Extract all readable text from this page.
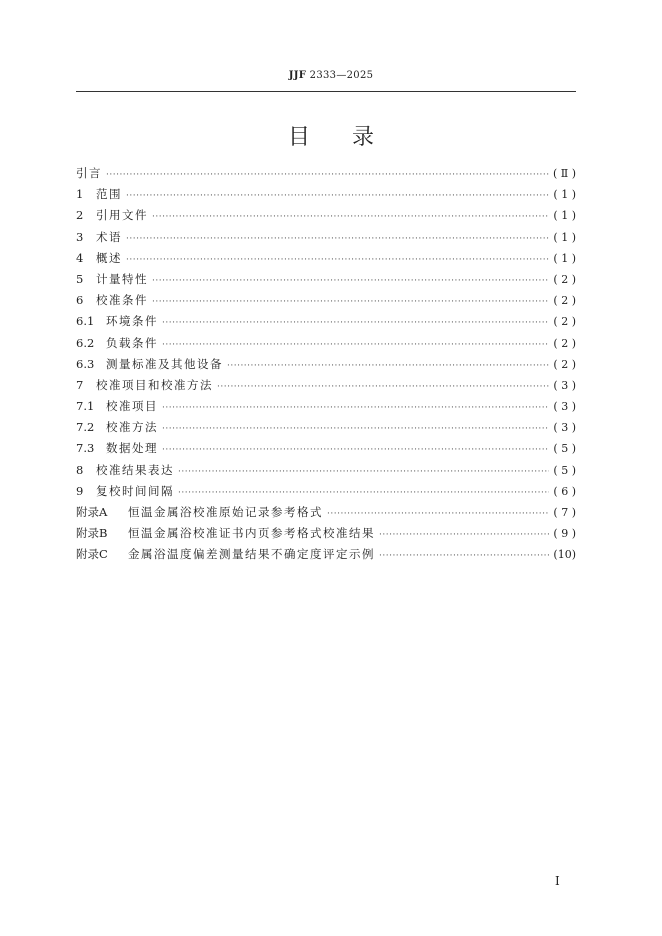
JJF 2333—2025
目录
引言 ·····	( Ⅱ )
1	范围 ·····	( 1 )
2	引用文件 ·····	( 1 )
3	术语 ·····	( 1 )
4	概述 ·····	( 1 )
5	计量特性 ·····	( 2 )
6	校准条件 ·····	( 2 )
6.1	环境条件 ·····	( 2 )
6.2	负载条件 ·····	( 2 )
6.3	测量标准及其他设备 ·····	( 2 )
7	校准项目和校准方法 ·····	( 3 )
7.1	校准项目 ·····	( 3 )
7.2	校准方法 ·····	( 3 )
7.3	数据处理 ·····	( 5 )
8	校准结果表达 ·····	( 5 )
9	复校时间间隔 ·····	( 6 )
附录A	恒温金属浴校准原始记录参考格式 ·····	( 7 )
附录B	恒温金属浴校准证书内页参考格式校准结果 ·····	( 9 )
附录C	金属浴温度偏差测量结果不确定度评定示例 ·····	(10)
I
